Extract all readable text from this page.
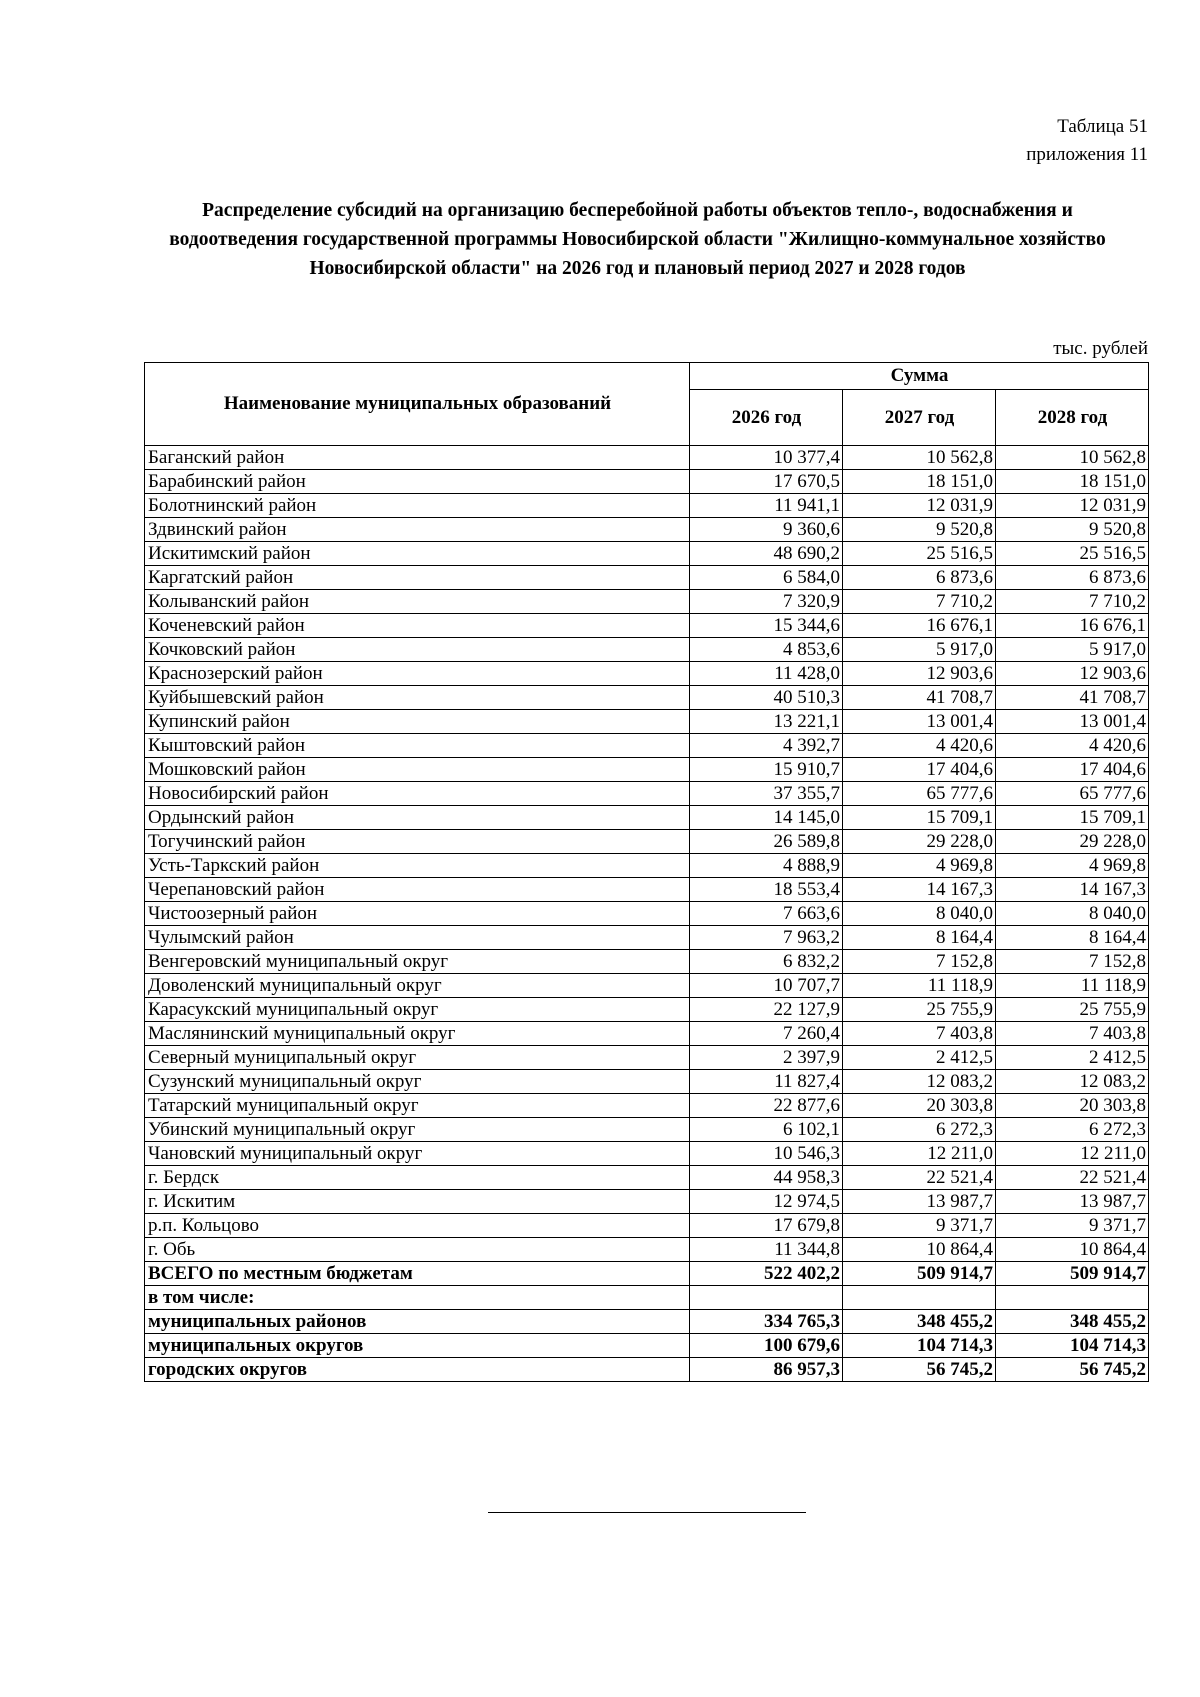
Таблица 51
приложения 11
Распределение субсидий на организацию бесперебойной работы объектов тепло-, водоснабжения и водоотведения государственной программы Новосибирской области "Жилищно-коммунальное хозяйство Новосибирской области" на 2026 год и плановый период 2027 и 2028 годов
тыс. рублей
Наименование муниципальных образований	Сумма		
	2026 год	2027 год	2028 год
Баганский район	10 377,4	10 562,8	10 562,8
Барабинский район	17 670,5	18 151,0	18 151,0
Болотнинский район	11 941,1	12 031,9	12 031,9
Здвинский район	9 360,6	9 520,8	9 520,8
Искитимский район	48 690,2	25 516,5	25 516,5
Каргатский район	6 584,0	6 873,6	6 873,6
Колыванский район	7 320,9	7 710,2	7 710,2
Коченевский район	15 344,6	16 676,1	16 676,1
Кочковский район	4 853,6	5 917,0	5 917,0
Краснозерский район	11 428,0	12 903,6	12 903,6
Куйбышевский район	40 510,3	41 708,7	41 708,7
Купинский район	13 221,1	13 001,4	13 001,4
Кыштовский район	4 392,7	4 420,6	4 420,6
Мошковский район	15 910,7	17 404,6	17 404,6
Новосибирский район	37 355,7	65 777,6	65 777,6
Ордынский район	14 145,0	15 709,1	15 709,1
Тогучинский район	26 589,8	29 228,0	29 228,0
Усть-Таркский район	4 888,9	4 969,8	4 969,8
Черепановский район	18 553,4	14 167,3	14 167,3
Чистоозерный район	7 663,6	8 040,0	8 040,0
Чулымский район	7 963,2	8 164,4	8 164,4
Венгеровский муниципальный округ	6 832,2	7 152,8	7 152,8
Доволенский муниципальный округ	10 707,7	11 118,9	11 118,9
Карасукский муниципальный округ	22 127,9	25 755,9	25 755,9
Маслянинский муниципальный округ	7 260,4	7 403,8	7 403,8
Северный муниципальный округ	2 397,9	2 412,5	2 412,5
Сузунский муниципальный округ	11 827,4	12 083,2	12 083,2
Татарский муниципальный округ	22 877,6	20 303,8	20 303,8
Убинский муниципальный округ	6 102,1	6 272,3	6 272,3
Чановский муниципальный округ	10 546,3	12 211,0	12 211,0
г. Бердск	44 958,3	22 521,4	22 521,4
г. Искитим	12 974,5	13 987,7	13 987,7
р.п. Кольцово	17 679,8	9 371,7	9 371,7
г. Обь	11 344,8	10 864,4	10 864,4
ВСЕГО по местным бюджетам	522 402,2	509 914,7	509 914,7
в том числе:			
муниципальных районов	334 765,3	348 455,2	348 455,2
муниципальных округов	100 679,6	104 714,3	104 714,3
городских округов	86 957,3	56 745,2	56 745,2
